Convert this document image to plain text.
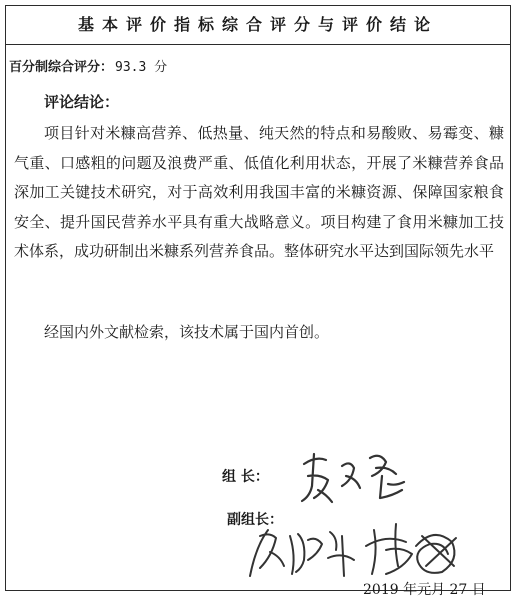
基本评价指标综合评分与评价结论
百分制综合评分： 93.3 分
评论结论：
项目针对米糠高营养、低热量、纯天然的特点和易酸败、易霉变、糠气重、口感粗的问题及浪费严重、低值化利用状态，开展了米糠营养食品深加工关键技术研究，对于高效利用我国丰富的米糠资源、保障国家粮食安全、提升国民营养水平具有重大战略意义。项目构建了食用米糠加工技术体系，成功研制出米糠系列营养食品。整体研究水平达到国际领先水平
经国内外文献检索，该技术属于国内首创。
组 长：
副组长：
2019 年元月 27 日
